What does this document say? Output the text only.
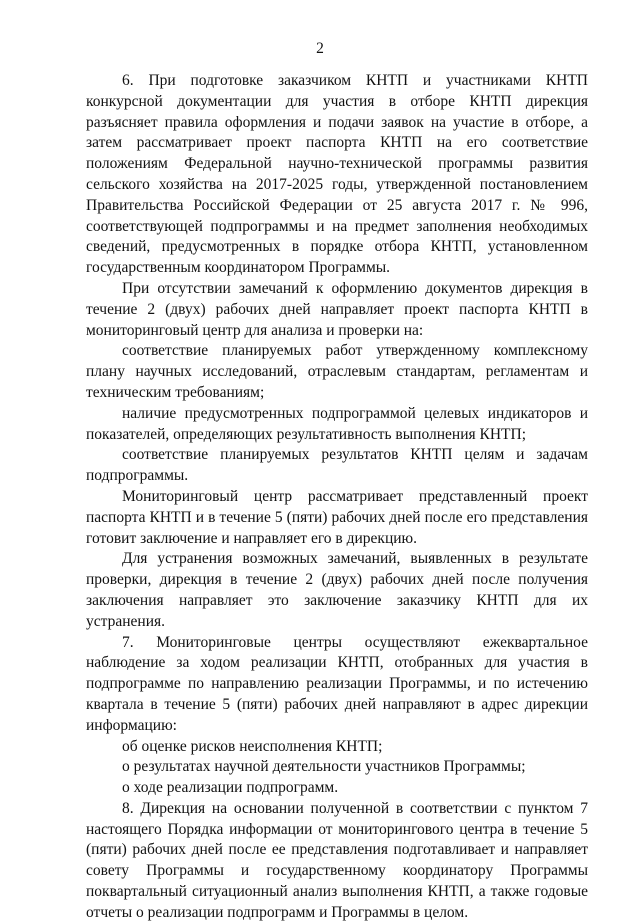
2

6. При подготовке заказчиком КНТП и участниками КНТП конкурсной документации для участия в отборе КНТП дирекция разъясняет правила оформления и подачи заявок на участие в отборе, а затем рассматривает проект паспорта КНТП на его соответствие положениям Федеральной научно-технической программы развития сельского хозяйства на 2017-2025 годы, утвержденной постановлением Правительства Российской Федерации от 25 августа 2017 г. № 996, соответствующей подпрограммы и на предмет заполнения необходимых сведений, предусмотренных в порядке отбора КНТП, установленном государственным координатором Программы.

При отсутствии замечаний к оформлению документов дирекция в течение 2 (двух) рабочих дней направляет проект паспорта КНТП в мониторинговый центр для анализа и проверки на:

соответствие планируемых работ утвержденному комплексному плану научных исследований, отраслевым стандартам, регламентам и техническим требованиям;

наличие предусмотренных подпрограммой целевых индикаторов и показателей, определяющих результативность выполнения КНТП;

соответствие планируемых результатов КНТП целям и задачам подпрограммы.

Мониторинговый центр рассматривает представленный проект паспорта КНТП и в течение 5 (пяти) рабочих дней после его представления готовит заключение и направляет его в дирекцию.

Для устранения возможных замечаний, выявленных в результате проверки, дирекция в течение 2 (двух) рабочих дней после получения заключения направляет это заключение заказчику КНТП для их устранения.

7. Мониторинговые центры осуществляют ежеквартальное наблюдение за ходом реализации КНТП, отобранных для участия в подпрограмме по направлению реализации Программы, и по истечению квартала в течение 5 (пяти) рабочих дней направляют в адрес дирекции информацию:

об оценке рисков неисполнения КНТП;

о результатах научной деятельности участников Программы;

о ходе реализации подпрограмм.

8. Дирекция на основании полученной в соответствии с пунктом 7 настоящего Порядка информации от мониторингового центра в течение 5 (пяти) рабочих дней после ее представления подготавливает и направляет совету Программы и государственному координатору Программы поквартальный ситуационный анализ выполнения КНТП, а также годовые отчеты о реализации подпрограмм и Программы в целом.
